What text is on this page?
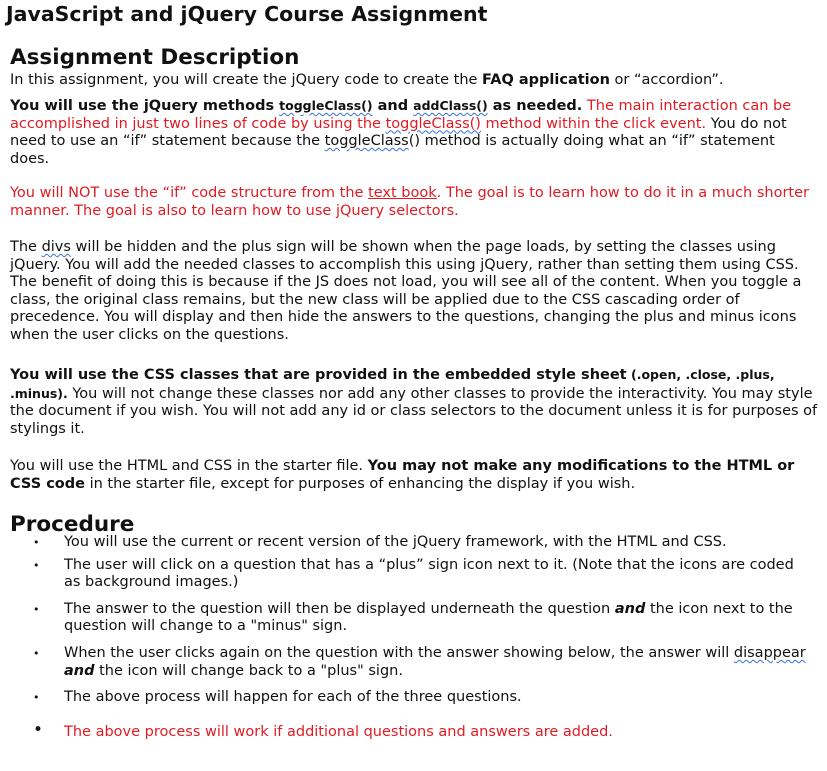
JavaScript and jQuery Course Assignment
Assignment Description

In this assignment, you will create the jQuery code to create the FAQ application or “accordion”.

You will use the jQuery methods toggleClass() and addClass() as needed. The main interaction can be accomplished in just two lines of code by using the toggleClass() method within the click event. You do not need to use an “if” statement because the toggleClass() method is actually doing what an “if” statement does.

You will NOT use the “if” code structure from the text book. The goal is to learn how to do it in a much shorter manner. The goal is also to learn how to use jQuery selectors.

The divs will be hidden and the plus sign will be shown when the page loads, by setting the classes using jQuery. You will add the needed classes to accomplish this using jQuery, rather than setting them using CSS. The benefit of doing this is because if the JS does not load, you will see all of the content. When you toggle a class, the original class remains, but the new class will be applied due to the CSS cascading order of precedence. You will display and then hide the answers to the questions, changing the plus and minus icons when the user clicks on the questions.

You will use the CSS classes that are provided in the embedded style sheet (.open, .close, .plus, .minus). You will not change these classes nor add any other classes to provide the interactivity. You may style the document if you wish. You will not add any id or class selectors to the document unless it is for purposes of stylings it.

You will use the HTML and CSS in the starter file. You may not make any modifications to the HTML or CSS code in the starter file, except for purposes of enhancing the display if you wish.

Procedure
• You will use the current or recent version of the jQuery framework, with the HTML and CSS.
• The user will click on a question that has a “plus” sign icon next to it. (Note that the icons are coded as background images.)
• The answer to the question will then be displayed underneath the question and the icon next to the question will change to a "minus" sign.
• When the user clicks again on the question with the answer showing below, the answer will disappear and the icon will change back to a "plus" sign.
• The above process will happen for each of the three questions.
• The above process will work if additional questions and answers are added.
